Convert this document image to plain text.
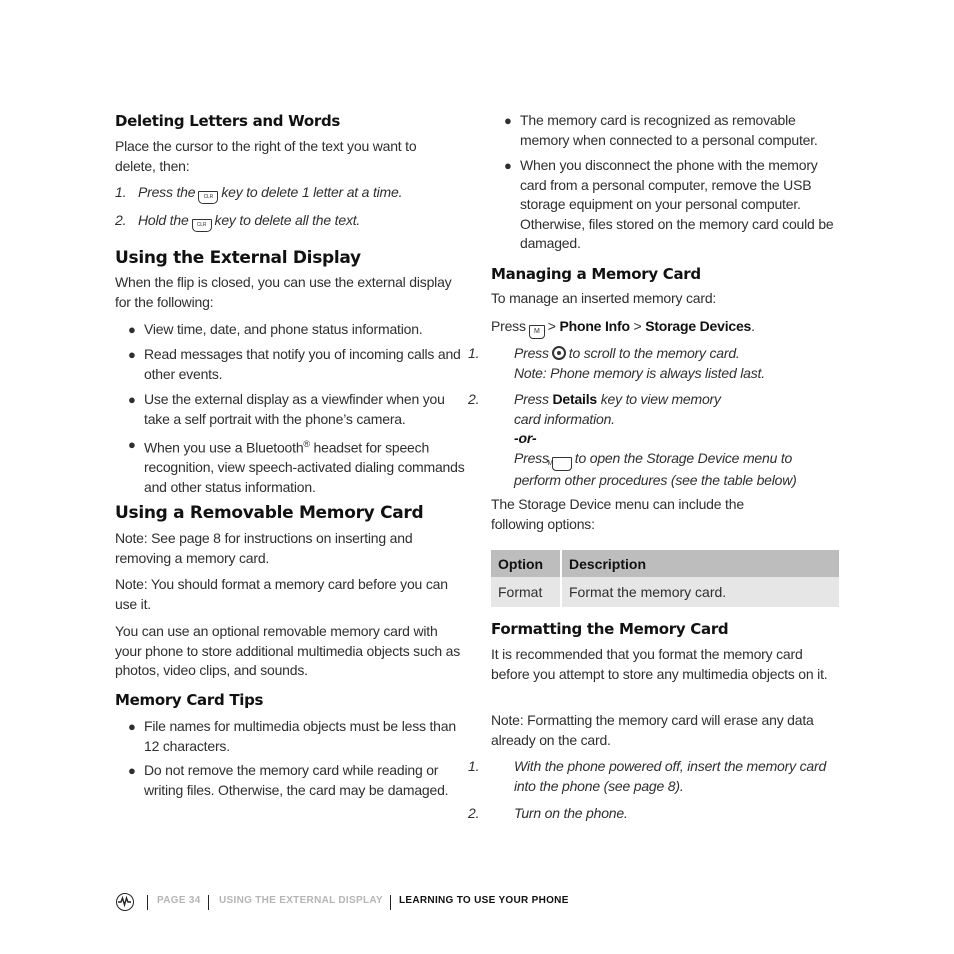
Deleting Letters and Words

Place the cursor to the right of the text you want to delete, then:

1. Press the CLR key to delete 1 letter at a time.

2. Hold the CLR key to delete all the text.

Using the External Display

When the flip is closed, you can use the external display for the following:

● View time, date, and phone status information.

● Read messages that notify you of incoming calls and other events.

● Use the external display as a viewfinder when you take a self portrait with the phone’s camera.

● When you use a Bluetooth® headset for speech recognition, view speech-activated dialing commands and other status information.

Using a Removable Memory Card

Note: See page 8 for instructions on inserting and removing a memory card.

Note: You should format a memory card before you can use it.

You can use an optional removable memory card with your phone to store additional multimedia objects such as photos, video clips, and sounds.

Memory Card Tips

● File names for multimedia objects must be less than 12 characters.

● Do not remove the memory card while reading or writing files. Otherwise, the card may be damaged.

● The memory card is recognized as removable memory when connected to a personal computer.

● When you disconnect the phone with the memory card from a personal computer, remove the USB storage equipment on your personal computer. Otherwise, files stored on the memory card could be damaged.

Managing a Memory Card

To manage an inserted memory card:

Press M > Phone Info > Storage Devices.

1. Press to scroll to the memory card.
Note: Phone memory is always listed last.

2. Press Details key to view memory
card information.
-or-
PressM to open the Storage Device menu to
perform other procedures (see the table below)

The Storage Device menu can include the following options:

Option	Description
Format	Format the memory card.
Formatting the Memory Card

It is recommended that you format the memory card before you attempt to store any multimedia objects on it.

Note: Formatting the memory card will erase any data already on the card.

1. With the phone powered off, insert the memory card into the phone (see page 8).

2. Turn on the phone.

PAGE 34 USING THE EXTERNAL DISPLAY LEARNING TO USE YOUR PHONE
